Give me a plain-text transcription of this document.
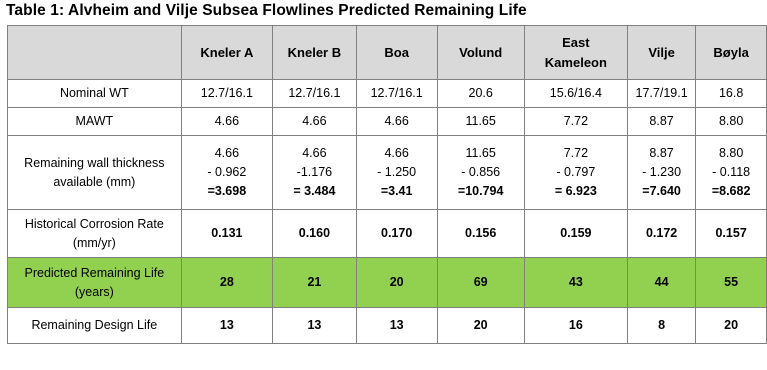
Table 1: Alvheim and Vilje Subsea Flowlines Predicted Remaining Life
	Kneler A	Kneler B	Boa	Volund	East Kameleon	Vilje	Bøyla
Nominal WT	12.7/16.1	12.7/16.1	12.7/16.1	20.6	15.6/16.4	17.7/19.1	16.8
MAWT	4.66	4.66	4.66	11.65	7.72	8.87	8.80
Remaining wall thickness available (mm)	4.66
- 0.962
=3.698	4.66
-1.176
= 3.484	4.66
- 1.250
=3.41	11.65
- 0.856
=10.794	7.72
- 0.797
= 6.923	8.87
- 1.230
=7.640	8.80
- 0.118
=8.682

Historical Corrosion Rate (mm/yr)	0.131	0.160	0.170	0.156	0.159	0.172	0.157
Predicted Remaining Life (years)	28	21	20	69	43	44	55
Remaining Design Life	13	13	13	20	16	8	20
